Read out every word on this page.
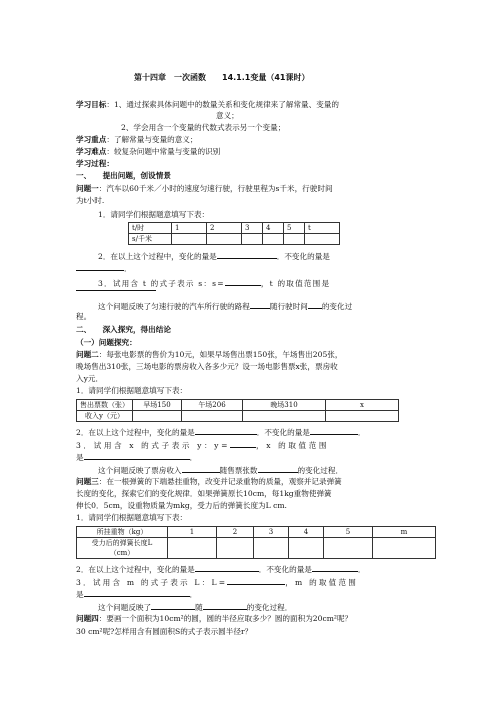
第十四章　一次函数　　14.1.1变量（41课时）
学习目标：1、通过探索具体问题中的数量关系和变化规律来了解常量、变量的
意义；
2、学会用含一个变量的代数式表示另一个变量；
学习重点：了解常量与变量的意义；
学习难点：较复杂问题中常量与变量的识别
学习过程：
一、　　提出问题，创设情景
问题一：汽车以60千米／小时的速度匀速行驶，行驶里程为s千米，行驶时间
为t小时.
1．请同学们根据题意填写下表：
t/时	1	2	3	4	5	t
s/千米						
2．在以上这个过程中，变化的量是	．不变化的量是
．
3．试用含 t 的式子表示 s：s=	，t 的取值范围是
这个问题反映了匀速行驶的汽车所行驶的路程	随行驶时间 的变化过
程。
二、　　深入探究，得出结论
（一）问题探究：
问题二：每张电影票的售价为10元，如果早场售出票150张，午场售出205张，
晚场售出310张，三场电影的票房收入各多少元？设一场电影售票x张，票房收
入y元．
1．请同学们根据题意填写下表：
售出票数（张）	早场150	午场206	晚场310	x
收入y（元）				
2．在以上这个过程中，变化的量是	．不变化的量是	．
3．试用含 x 的式子表示 y：y=	，x 的取值范围
是	．
这个问题反映了票房收入	随售票张数	的变化过程．
问题三：在一根弹簧的下端悬挂重物，改变并记录重物的质量，观察并记录弹簧
长度的变化，探索它们的变化规律．如果弹簧原长10cm，每1kg重物使弹簧
伸长0．5cm，设重物质量为mkg，受力后的弹簧长度为L cm.
1．请同学们根据题意填写下表：
所挂重物（kg）	1	2	3	4	5	m
受力后的弹簧长度L
（cm）						
2．在以上这个过程中，变化的量是	．不变化的量是	．
3．试用含 m 的式子表示 L：L=	，m 的取值范围
是	．
这个问题反映了	随	的变化过程．
问题四：要画一个面积为10cm²的圆，圆的半径应取多少？圆的面积为20cm²呢？
30 cm²呢?怎样用含有圆面积S的式子表示圆半径r？
